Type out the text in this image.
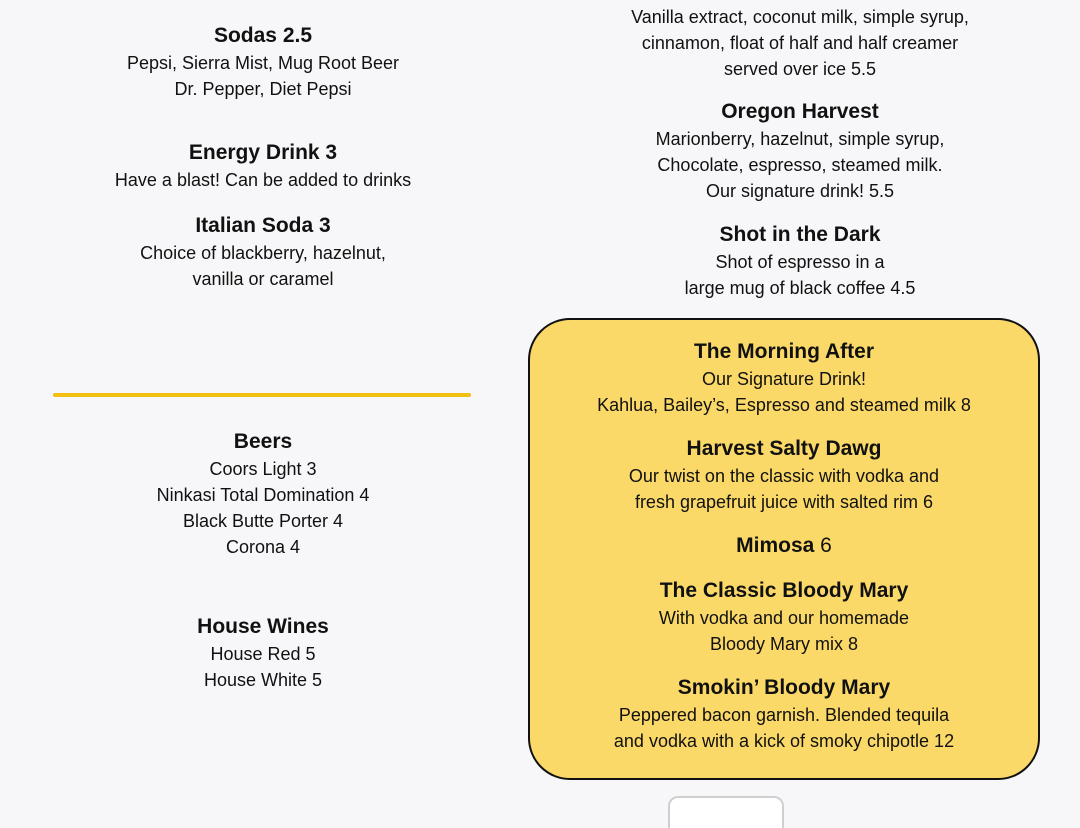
Sodas 2.5
Pepsi, Sierra Mist, Mug Root Beer
Dr. Pepper, Diet Pepsi
Energy Drink 3
Have a blast! Can be added to drinks
Italian Soda 3
Choice of blackberry, hazelnut,
vanilla or caramel
Beers
Coors Light 3
Ninkasi Total Domination 4
Black Butte Porter 4
Corona 4
House Wines
House Red 5
House White 5
Vanilla extract, coconut milk, simple syrup,
cinnamon, float of half and half creamer
served over ice 5.5
Oregon Harvest
Marionberry, hazelnut, simple syrup,
Chocolate, espresso, steamed milk.
Our signature drink! 5.5
Shot in the Dark
Shot of espresso in a
large mug of black coffee 4.5
The Morning After
Our Signature Drink!
Kahlua, Bailey’s, Espresso and steamed milk 8
Harvest Salty Dawg
Our twist on the classic with vodka and
fresh grapefruit juice with salted rim 6
Mimosa 6
The Classic Bloody Mary
With vodka and our homemade
Bloody Mary mix 8
Smokin’ Bloody Mary
Peppered bacon garnish. Blended tequila
and vodka with a kick of smoky chipotle 12
